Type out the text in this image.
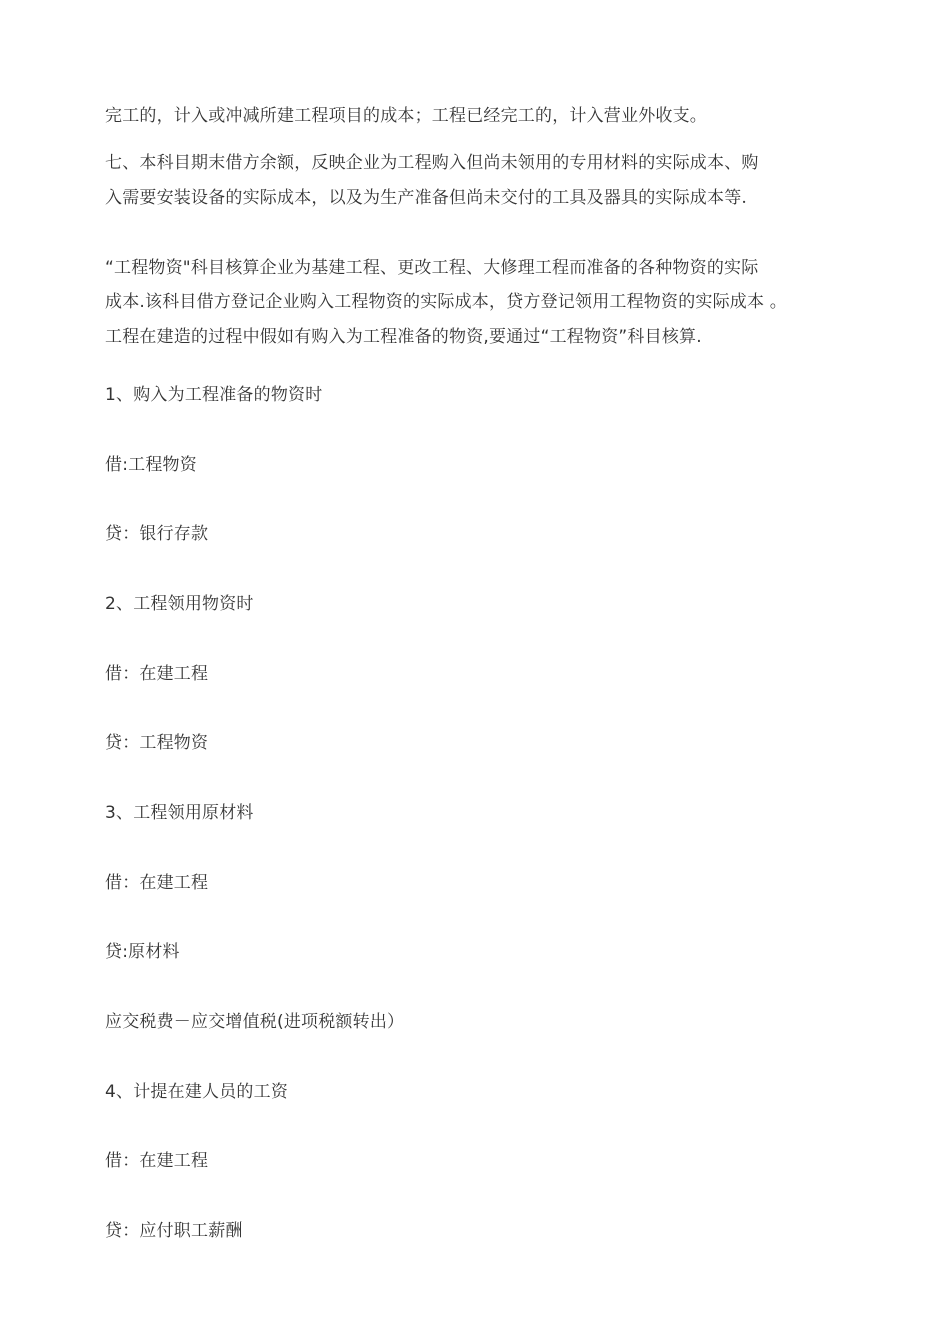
完工的，计入或冲减所建工程项目的成本；工程已经完工的，计入营业外收支。
七、本科目期末借方余额，反映企业为工程购入但尚未领用的专用材料的实际成本、购
入需要安装设备的实际成本，以及为生产准备但尚未交付的工具及器具的实际成本等.
“工程物资"科目核算企业为基建工程、更改工程、大修理工程而准备的各种物资的实际
成本.该科目借方登记企业购入工程物资的实际成本，贷方登记领用工程物资的实际成本 。
工程在建造的过程中假如有购入为工程准备的物资,要通过“工程物资”科目核算.
1、购入为工程准备的物资时
借:工程物资
贷：银行存款
2、工程领用物资时
借：在建工程
贷：工程物资
3、工程领用原材料
借：在建工程
贷:原材料
应交税费－应交增值税(进项税额转出）
4、计提在建人员的工资
借：在建工程
贷：应付职工薪酬
